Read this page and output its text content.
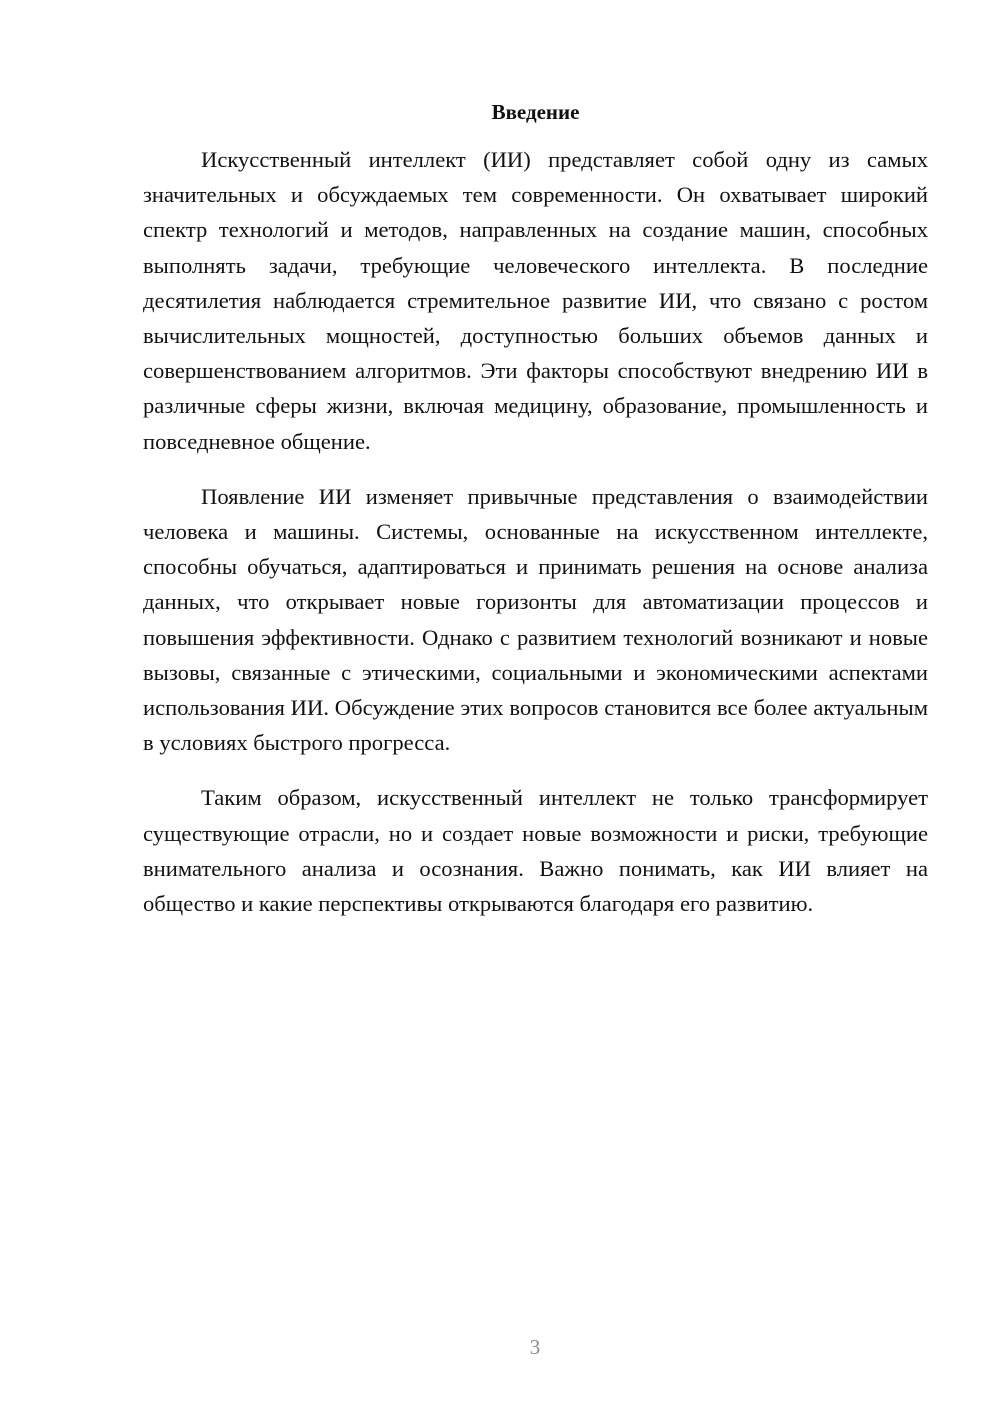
Введение

Искусственный интеллект (ИИ) представляет собой одну из самых значительных и обсуждаемых тем современности. Он охватывает широкий спектр технологий и методов, направленных на создание машин, способных выполнять задачи, требующие человеческого интеллекта. В последние десятилетия наблюдается стремительное развитие ИИ, что связано с ростом вычислительных мощностей, доступностью больших объемов данных и совершенствованием алгоритмов. Эти факторы способствуют внедрению ИИ в различные сферы жизни, включая медицину, образование, промышленность и повседневное общение.

Появление ИИ изменяет привычные представления о взаимодействии человека и машины. Системы, основанные на искусственном интеллекте, способны обучаться, адаптироваться и принимать решения на основе анализа данных, что открывает новые горизонты для автоматизации процессов и повышения эффективности. Однако с развитием технологий возникают и новые вызовы, связанные с этическими, социальными и экономическими аспектами использования ИИ. Обсуждение этих вопросов становится все более актуальным в условиях быстрого прогресса.

Таким образом, искусственный интеллект не только трансформирует существующие отрасли, но и создает новые возможности и риски, требующие внимательного анализа и осознания. Важно понимать, как ИИ влияет на общество и какие перспективы открываются благодаря его развитию.

3
